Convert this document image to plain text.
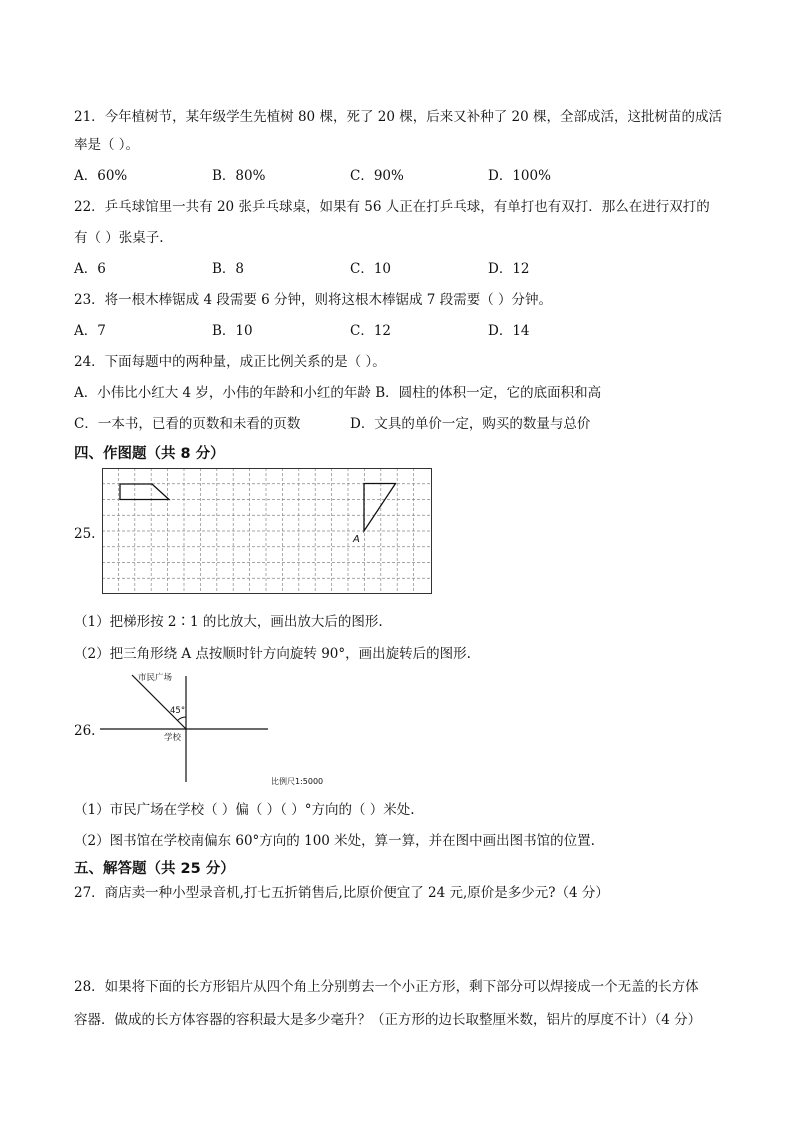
21．今年植树节，某年级学生先植树 80 棵，死了 20 棵，后来又补种了 20 棵，全部成活，这批树苗的成活
率是（ ）。
A．60%	B．80%	C．90%	D．100%
22．乒乓球馆里一共有 20 张乒乓球桌，如果有 56 人正在打乒乓球，有单打也有双打．那么在进行双打的
有（ ）张桌子.
A．6	B．8	C．10	D．12
23．将一根木棒锯成 4 段需要 6 分钟，则将这根木棒锯成 7 段需要（ ）分钟。
A．7	B．10	C．12	D．14
24．下面每题中的两种量，成正比例关系的是（ ）。
A．小伟比小红大 4 岁，小伟的年龄和小红的年龄 B．圆柱的体积一定，它的底面积和高
C．一本书，已看的页数和未看的页数	D．文具的单价一定，购买的数量与总价
四、作图题（共 8 分）
25.	A
（1）把梯形按 2∶1 的比放大，画出放大后的图形.
（2）把三角形绕 A 点按顺时针方向旋转 90°，画出旋转后的图形.
26.
市民广场
45°
学校
比例尺1:5000
（1）市民广场在学校（ ）偏（ ）（ ）°方向的（ ）米处.
（2）图书馆在学校南偏东 60°方向的 100 米处，算一算，并在图中画出图书馆的位置.
五、解答题（共 25 分）
27．商店卖一种小型录音机,打七五折销售后,比原价便宜了 24 元,原价是多少元?（4 分）
28．如果将下面的长方形铝片从四个角上分别剪去一个小正方形，剩下部分可以焊接成一个无盖的长方体
容器．做成的长方体容器的容积最大是多少毫升？（正方形的边长取整厘米数，铝片的厚度不计）（4 分）
